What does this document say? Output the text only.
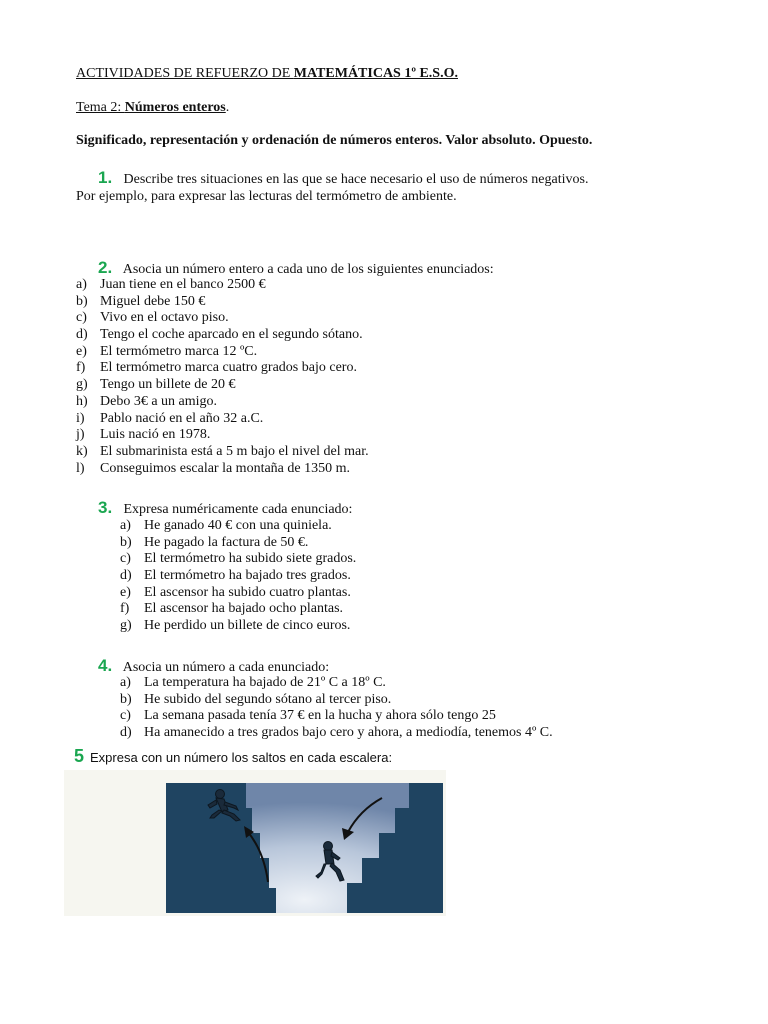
ACTIVIDADES DE REFUERZO DE MATEMÁTICAS 1º E.S.O.
Tema 2: Números enteros.
Significado, representación y ordenación de números enteros. Valor absoluto. Opuesto.
1. Describe tres situaciones en las que se hace necesario el uso de números negativos.
Por ejemplo, para expresar las lecturas del termómetro de ambiente.
2. Asocia un número entero a cada uno de los siguientes enunciados:
a) Juan tiene en el banco 2500 €
b) Miguel debe 150 €
c) Vivo en el octavo piso.
d) Tengo el coche aparcado en el segundo sótano.
e) El termómetro marca 12 ºC.
f) El termómetro marca cuatro grados bajo cero.
g) Tengo un billete de 20 €
h) Debo 3€ a un amigo.
i) Pablo nació en el año 32 a.C.
j) Luis nació en 1978.
k) El submarinista está a 5 m bajo el nivel del mar.
l) Conseguimos escalar la montaña de 1350 m.
3. Expresa numéricamente cada enunciado:
a) He ganado 40 € con una quiniela.
b) He pagado la factura de 50 €.
c) El termómetro ha subido siete grados.
d) El termómetro ha bajado tres grados.
e) El ascensor ha subido cuatro plantas.
f) El ascensor ha bajado ocho plantas.
g) He perdido un billete de cinco euros.
4. Asocia un número a cada enunciado:
a) La temperatura ha bajado de 21º C a 18º C.
b) He subido del segundo sótano al tercer piso.
c) La semana pasada tenía 37 € en la hucha y ahora sólo tengo 25
d) Ha amanecido a tres grados bajo cero y ahora, a mediodía, tenemos 4º C.
5 Expresa con un número los saltos en cada escalera:
